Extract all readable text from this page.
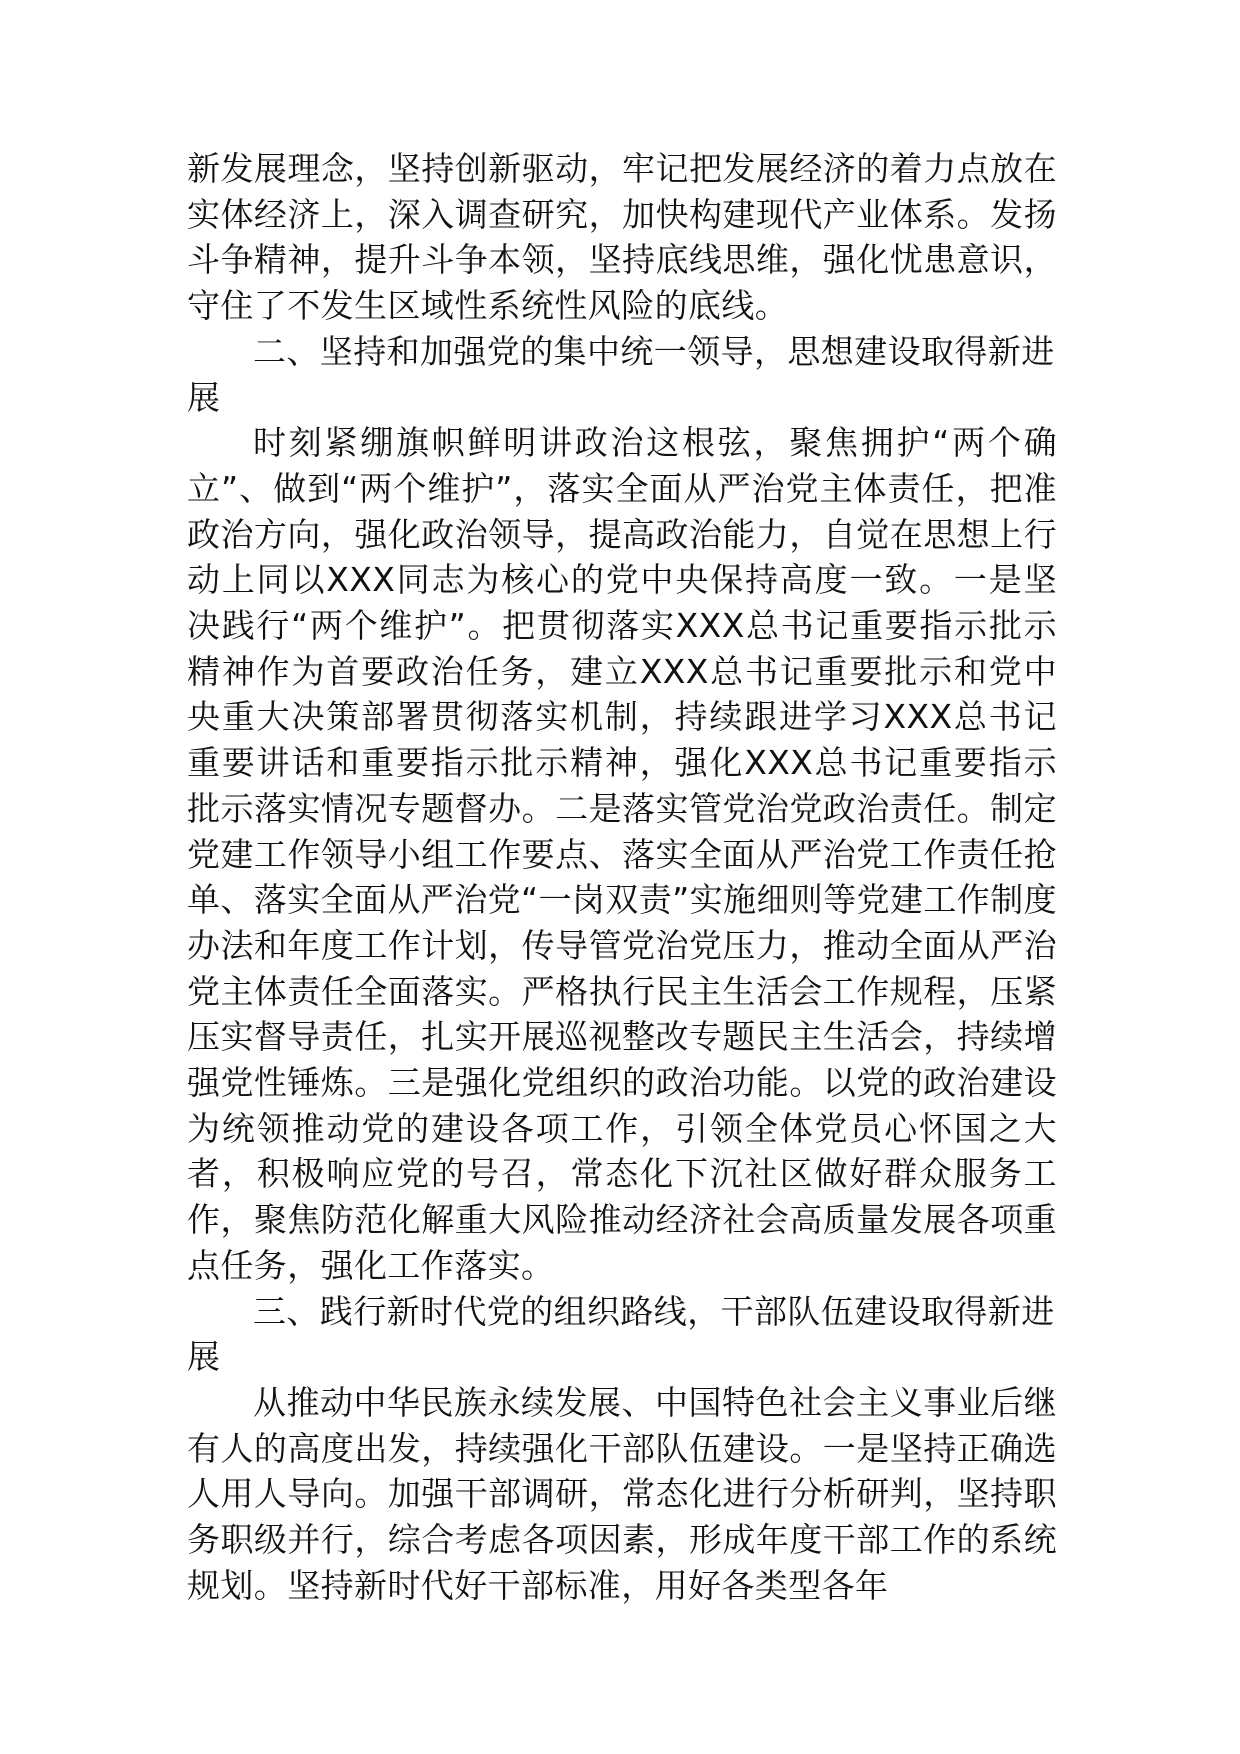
新发展理念，坚持创新驱动，牢记把发展经济的着力点放在实体经济上，深入调查研究，加快构建现代产业体系。发扬斗争精神，提升斗争本领，坚持底线思维，强化忧患意识，守住了不发生区域性系统性风险的底线。

二、坚持和加强党的集中统一领导，思想建设取得新进展

时刻紧绷旗帜鲜明讲政治这根弦，聚焦拥护“两个确立”、做到“两个维护”，落实全面从严治党主体责任，把准政治方向，强化政治领导，提高政治能力，自觉在思想上行动上同以XXX同志为核心的党中央保持高度一致。一是坚决践行“两个维护”。把贯彻落实XXX总书记重要指示批示精神作为首要政治任务，建立XXX总书记重要批示和党中央重大决策部署贯彻落实机制，持续跟进学习XXX总书记重要讲话和重要指示批示精神，强化XXX总书记重要指示批示落实情况专题督办。二是落实管党治党政治责任。制定党建工作领导小组工作要点、落实全面从严治党工作责任抢单、落实全面从严治党“一岗双责”实施细则等党建工作制度办法和年度工作计划，传导管党治党压力，推动全面从严治党主体责任全面落实。严格执行民主生活会工作规程，压紧压实督导责任，扎实开展巡视整改专题民主生活会，持续增强党性锤炼。三是强化党组织的政治功能。以党的政治建设为统领推动党的建设各项工作，引领全体党员心怀国之大者，积极响应党的号召，常态化下沉社区做好群众服务工作，聚焦防范化解重大风险推动经济社会高质量发展各项重点任务，强化工作落实。

三、践行新时代党的组织路线，干部队伍建设取得新进展

从推动中华民族永续发展、中国特色社会主义事业后继有人的高度出发，持续强化干部队伍建设。一是坚持正确选人用人导向。加强干部调研，常态化进行分析研判，坚持职务职级并行，综合考虑各项因素，形成年度干部工作的系统规划。坚持新时代好干部标准，用好各类型各年
